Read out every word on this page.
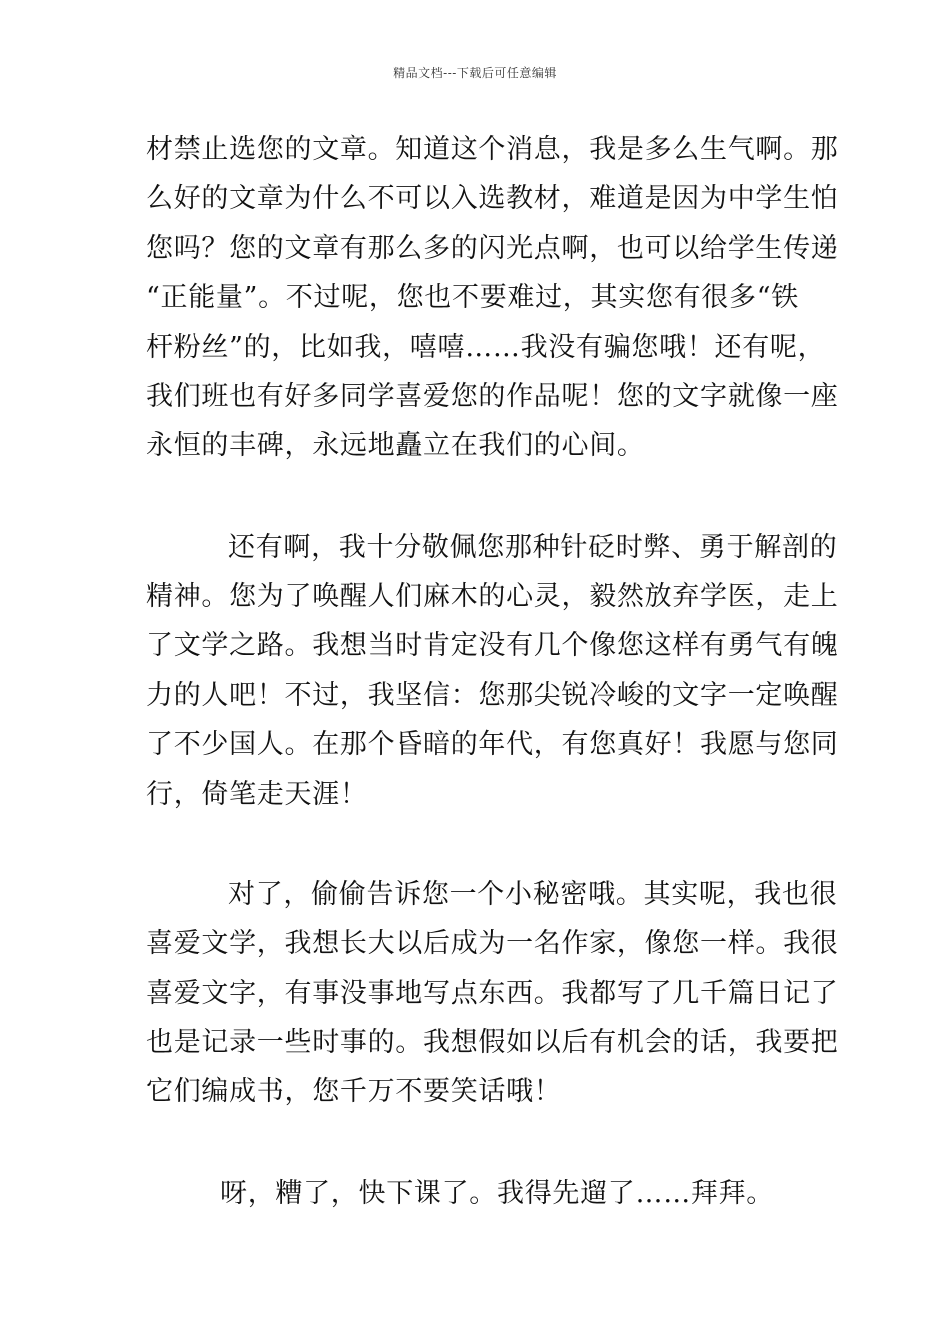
精品文档---下载后可任意编辑
材禁止选您的文章。知道这个消息，我是多么生气啊。那
么好的文章为什么不可以入选教材，难道是因为中学生怕
您吗？您的文章有那么多的闪光点啊，也可以给学生传递
“正能量”。不过呢，您也不要难过，其实您有很多“铁
杆粉丝”的，比如我，嘻嘻……我没有骗您哦！还有呢，
我们班也有好多同学喜爱您的作品呢！您的文字就像一座
永恒的丰碑，永远地矗立在我们的心间。
还有啊，我十分敬佩您那种针砭时弊、勇于解剖的
精神。您为了唤醒人们麻木的心灵，毅然放弃学医，走上
了文学之路。我想当时肯定没有几个像您这样有勇气有魄
力的人吧！不过，我坚信：您那尖锐冷峻的文字一定唤醒
了不少国人。在那个昏暗的年代，有您真好！我愿与您同
行，倚笔走天涯！
对了，偷偷告诉您一个小秘密哦。其实呢，我也很
喜爱文学，我想长大以后成为一名作家，像您一样。我很
喜爱文字，有事没事地写点东西。我都写了几千篇日记了
也是记录一些时事的。我想假如以后有机会的话，我要把
它们编成书，您千万不要笑话哦！
呀，糟了，快下课了。我得先遛了……拜拜。
